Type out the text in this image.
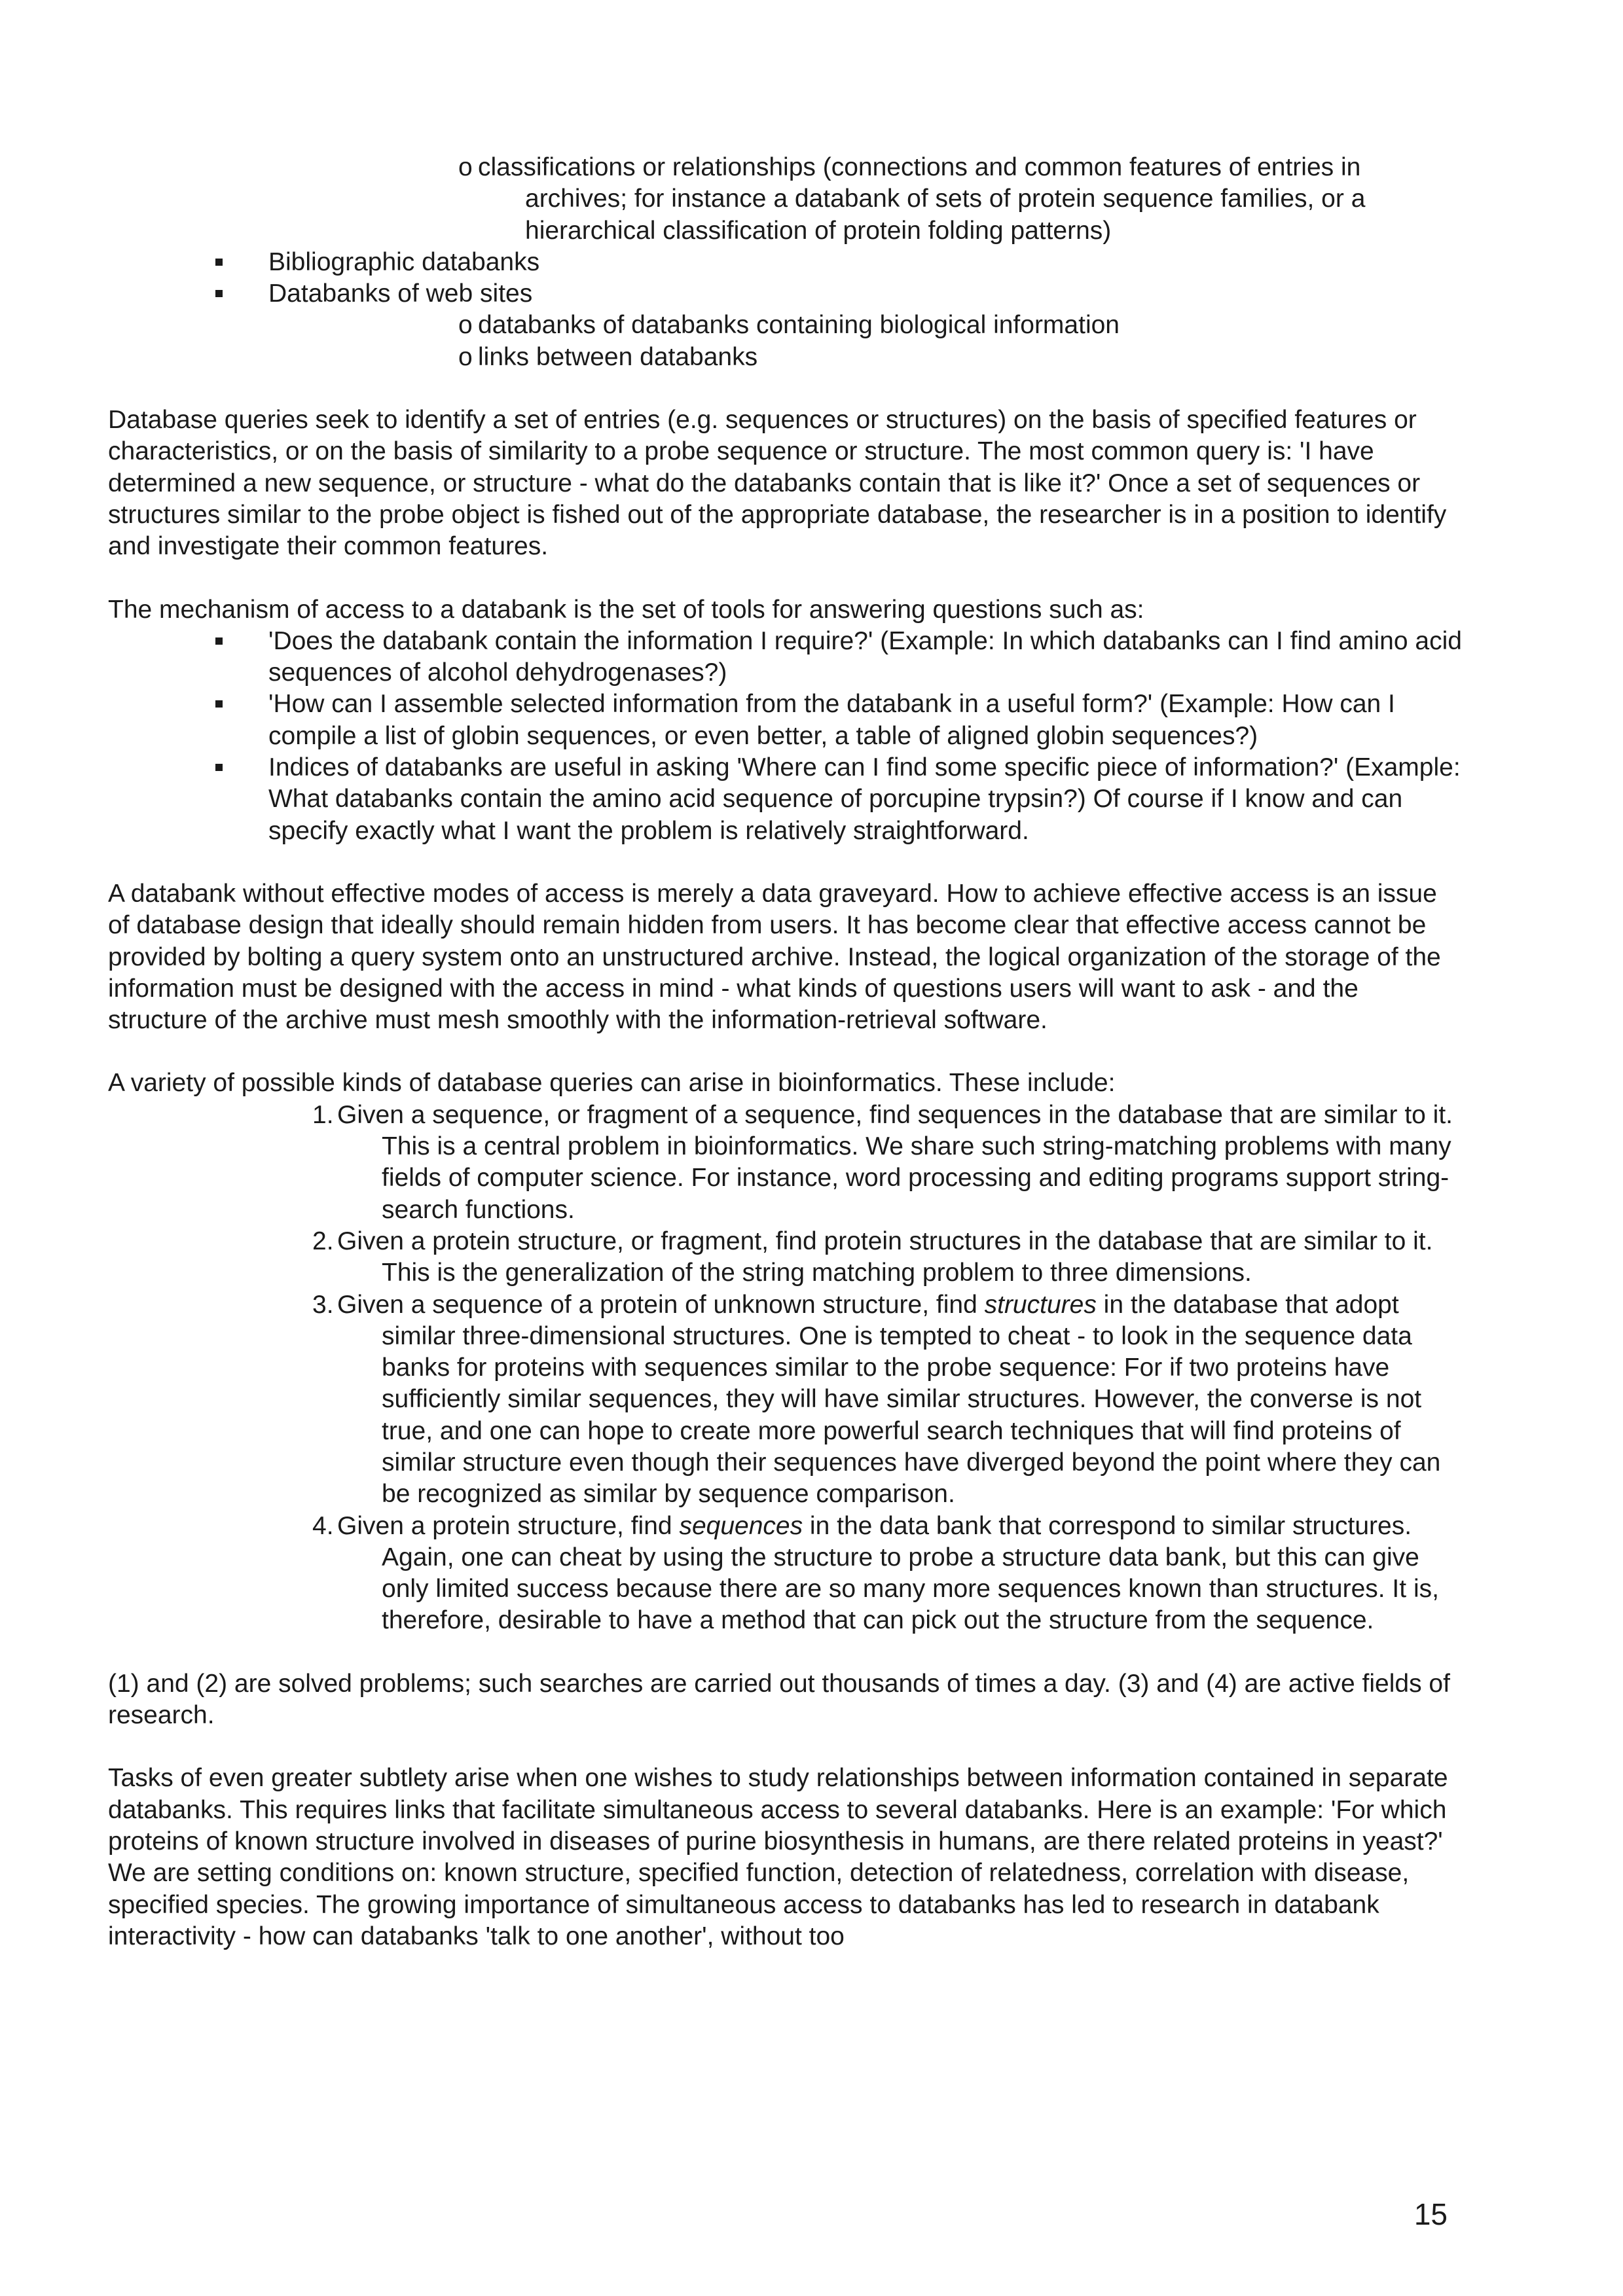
o classifications or relationships (connections and common features of entries in
archives; for instance a databank of sets of protein sequence families, or a hierarchical classification of protein folding patterns)
Bibliographic databanks
Databanks of web sites
o databanks of databanks containing biological information
o links between databanks

Database queries seek to identify a set of entries (e.g. sequences or structures) on the basis of specified features or characteristics, or on the basis of similarity to a probe sequence or structure. The most common query is: 'I have determined a new sequence, or structure - what do the databanks contain that is like it?' Once a set of sequences or structures similar to the probe object is fished out of the appropriate database, the researcher is in a position to identify and investigate their common features.

The mechanism of access to a databank is the set of tools for answering questions such as:

'Does the databank contain the information I require?' (Example: In which databanks can I find amino acid sequences of alcohol dehydrogenases?)
'How can I assemble selected information from the databank in a useful form?' (Example: How can I compile a list of globin sequences, or even better, a table of aligned globin sequences?)
Indices of databanks are useful in asking 'Where can I find some specific piece of information?' (Example: What databanks contain the amino acid sequence of porcupine trypsin?) Of course if I know and can specify exactly what I want the problem is relatively straightforward.

A databank without effective modes of access is merely a data graveyard. How to achieve effective access is an issue of database design that ideally should remain hidden from users. It has become clear that effective access cannot be provided by bolting a query system onto an unstructured archive. Instead, the logical organization of the storage of the information must be designed with the access in mind - what kinds of questions users will want to ask - and the structure of the archive must mesh smoothly with the information-retrieval software.

A variety of possible kinds of database queries can arise in bioinformatics. These include:

1. Given a sequence, or fragment of a sequence, find sequences in the database that are similar to it. This is a central problem in bioinformatics. We share such string-matching problems with many fields of computer science. For instance, word processing and editing programs support string-search functions.
2. Given a protein structure, or fragment, find protein structures in the database that are similar to it. This is the generalization of the string matching problem to three dimensions.
3. Given a sequence of a protein of unknown structure, find structures in the database that adopt similar three-dimensional structures. One is tempted to cheat - to look in the sequence data banks for proteins with sequences similar to the probe sequence: For if two proteins have sufficiently similar sequences, they will have similar structures. However, the converse is not true, and one can hope to create more powerful search techniques that will find proteins of similar structure even though their sequences have diverged beyond the point where they can be recognized as similar by sequence comparison.
4. Given a protein structure, find sequences in the data bank that correspond to similar structures. Again, one can cheat by using the structure to probe a structure data bank, but this can give only limited success because there are so many more sequences known than structures. It is, therefore, desirable to have a method that can pick out the structure from the sequence.

(1) and (2) are solved problems; such searches are carried out thousands of times a day. (3) and (4) are active fields of research.

Tasks of even greater subtlety arise when one wishes to study relationships between information contained in separate databanks. This requires links that facilitate simultaneous access to several databanks. Here is an example: 'For which proteins of known structure involved in diseases of purine biosynthesis in humans, are there related proteins in yeast?' We are setting conditions on: known structure, specified function, detection of relatedness, correlation with disease, specified species. The growing importance of simultaneous access to databanks has led to research in databank interactivity - how can databanks 'talk to one another', without too

15
